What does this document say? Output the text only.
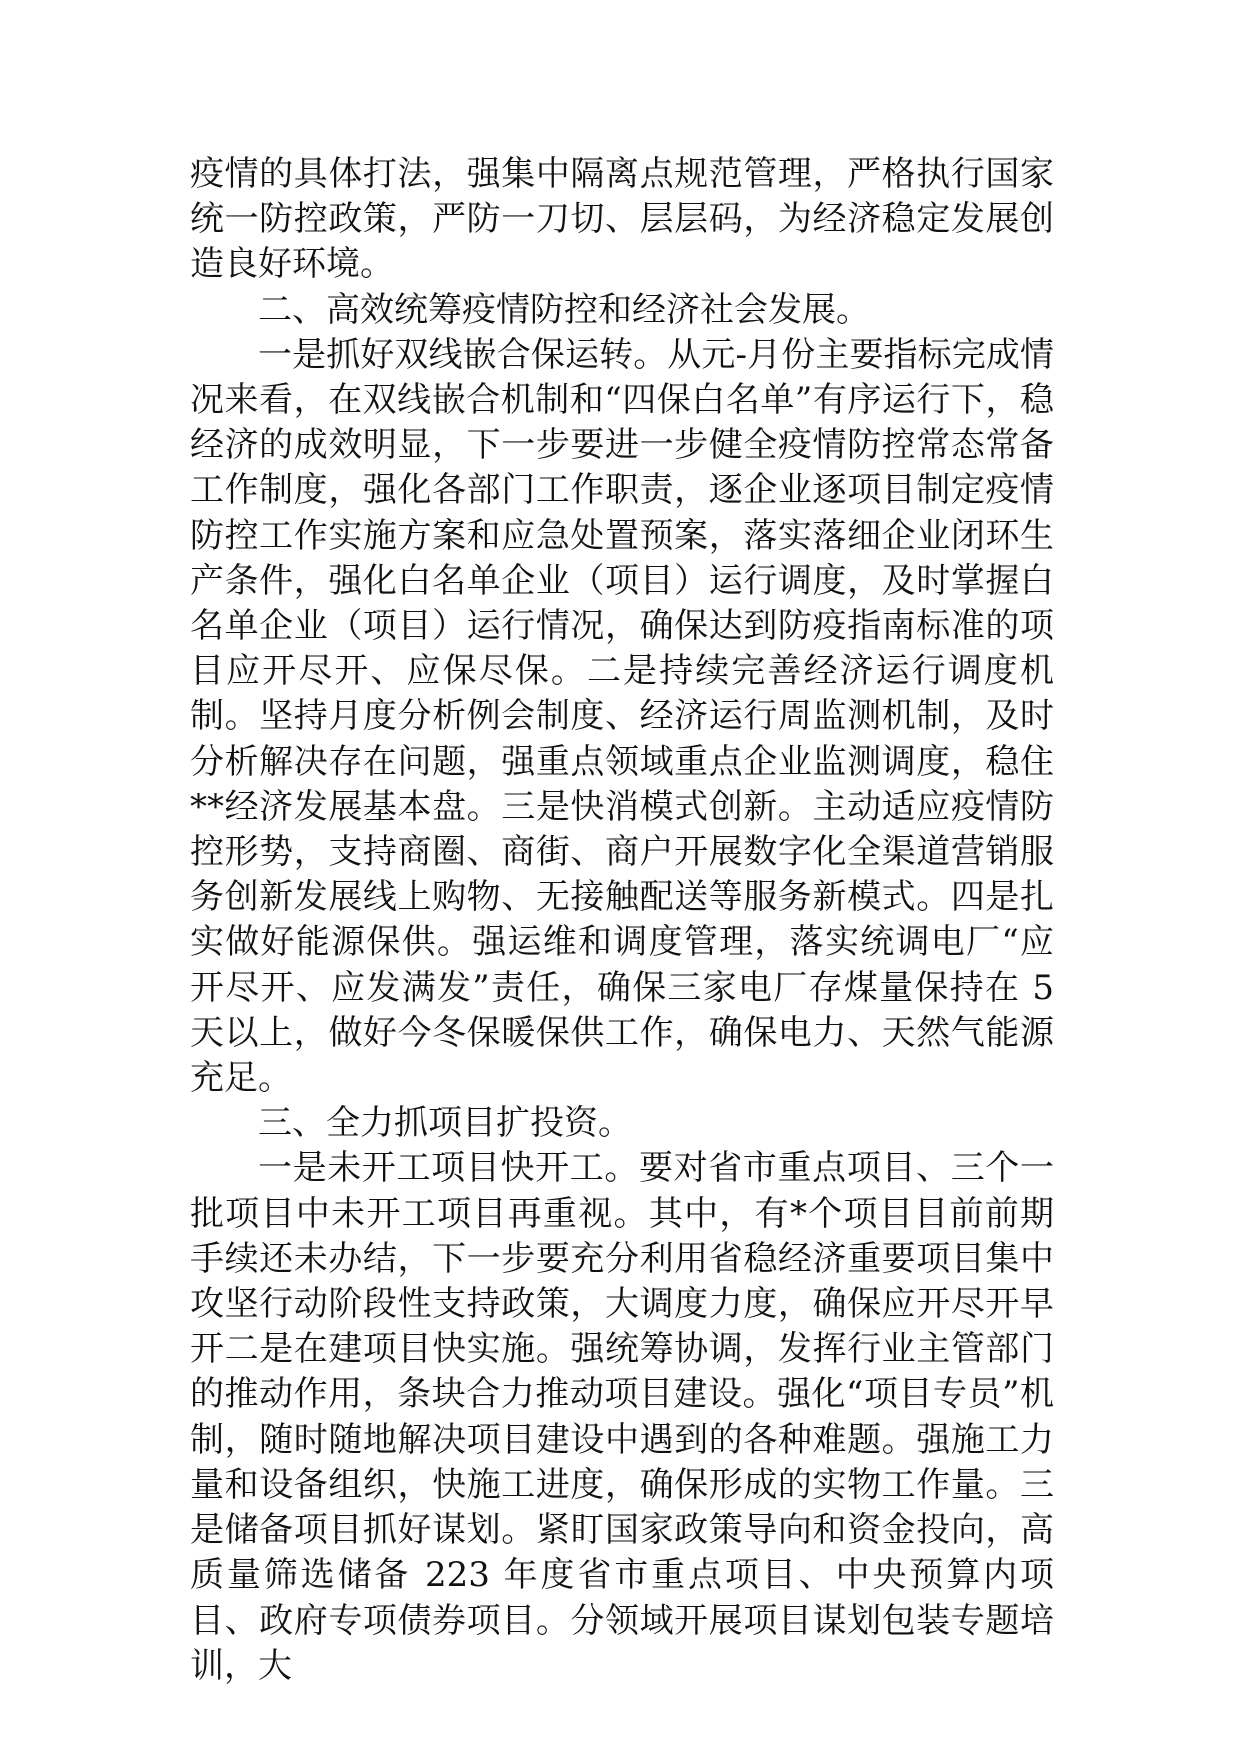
疫情的具体打法，强集中隔离点规范管理，严格执行国家统一防控政策，严防一刀切、层层码，为经济稳定发展创造良好环境。

二、高效统筹疫情防控和经济社会发展。

一是抓好双线嵌合保运转。从元-月份主要指标完成情况来看，在双线嵌合机制和“四保白名单”有序运行下，稳经济的成效明显，下一步要进一步健全疫情防控常态常备工作制度，强化各部门工作职责，逐企业逐项目制定疫情防控工作实施方案和应急处置预案，落实落细企业闭环生产条件，强化白名单企业（项目）运行调度，及时掌握白名单企业（项目）运行情况，确保达到防疫指南标准的项目应开尽开、应保尽保。二是持续完善经济运行调度机制。坚持月度分析例会制度、经济运行周监测机制，及时分析解决存在问题，强重点领域重点企业监测调度，稳住**经济发展基本盘。三是快消模式创新。主动适应疫情防控形势，支持商圈、商街、商户开展数字化全渠道营销服务创新发展线上购物、无接触配送等服务新模式。四是扎实做好能源保供。强运维和调度管理，落实统调电厂“应开尽开、应发满发”责任，确保三家电厂存煤量保持在 5 天以上，做好今冬保暖保供工作，确保电力、天然气能源充足。

三、全力抓项目扩投资。

一是未开工项目快开工。要对省市重点项目、三个一批项目中未开工项目再重视。其中，有*个项目目前前期手续还未办结，下一步要充分利用省稳经济重要项目集中攻坚行动阶段性支持政策，大调度力度，确保应开尽开早开二是在建项目快实施。强统筹协调，发挥行业主管部门的推动作用，条块合力推动项目建设。强化“项目专员”机制，随时随地解决项目建设中遇到的各种难题。强施工力量和设备组织，快施工进度，确保形成的实物工作量。三是储备项目抓好谋划。紧盯国家政策导向和资金投向，高质量筛选储备 223 年度省市重点项目、中央预算内项目、政府专项债券项目。分领域开展项目谋划包装专题培训，大
